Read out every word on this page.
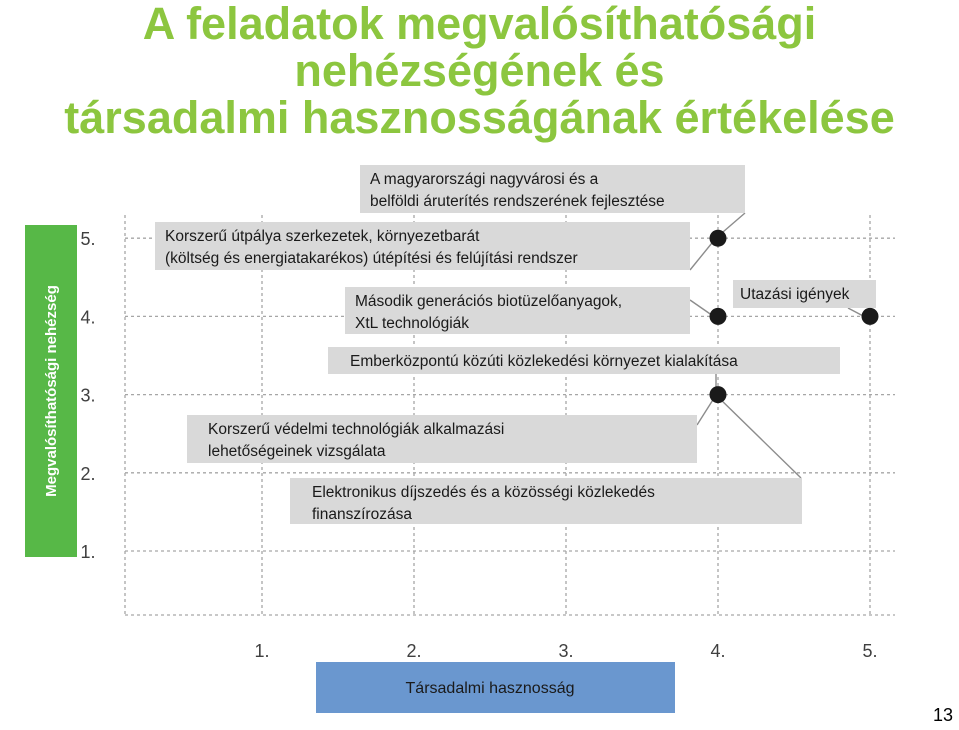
A feladatok megvalósíthatósági nehézségének és
társadalmi hasznosságának értékelése
Megvalósíthatósági nehézség
Társadalmi hasznosság
1.
2.
3.
4.
5.
1.	2.	3.	4.	5.
A magyarországi nagyvárosi és a
belföldi áruterítés rendszerének fejlesztése
Korszerű útpálya szerkezetek, környezetbarát
(költség és energiatakarékos) útépítési és felújítási rendszer
Második generációs biotüzelőanyagok,
XtL technológiák
Utazási igények
Emberközpontú közúti közlekedési környezet kialakítása
Korszerű védelmi technológiák alkalmazási
lehetőségeinek vizsgálata
Elektronikus díjszedés és a közösségi közlekedés
finanszírozása
13
